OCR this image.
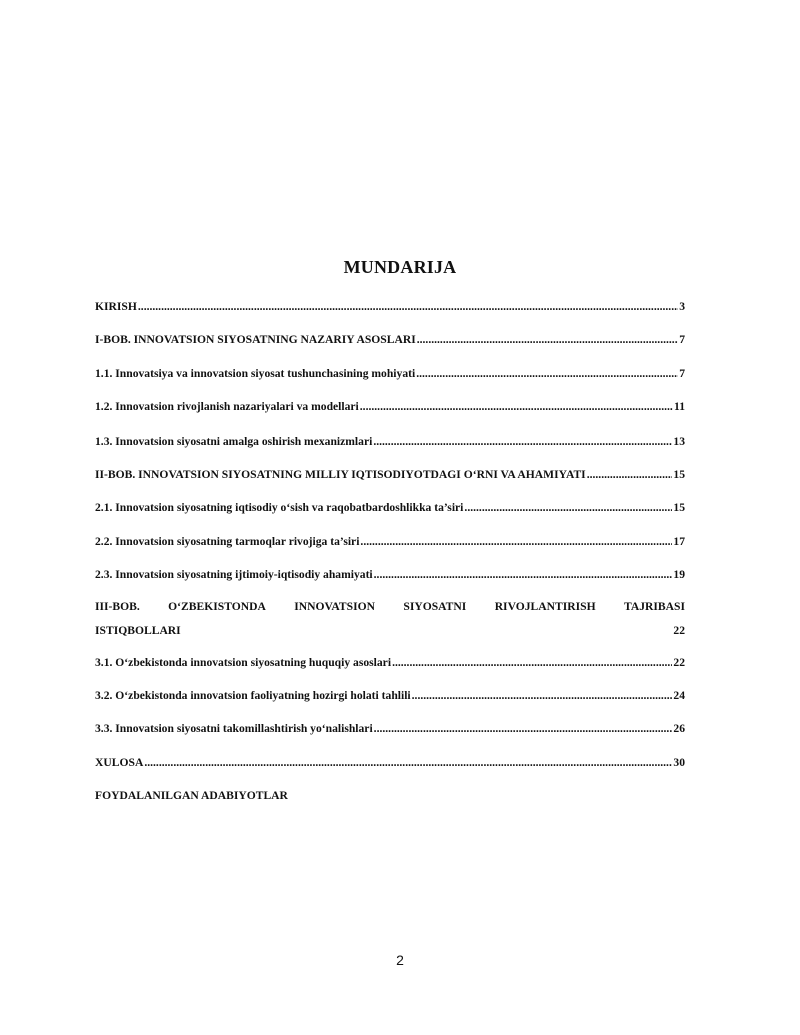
MUNDARIJA
KIRISH .....	3
I-BOB. INNOVATSION SIYOSATNING NAZARIY ASOSLARI .....	7
1.1. Innovatsiya va innovatsion siyosat tushunchasining mohiyati .....	7
1.2. Innovatsion rivojlanish nazariyalari va modellari .....	11
1.3. Innovatsion siyosatni amalga oshirish mexanizmlari .....	13
II-BOB. INNOVATSION SIYOSATNING MILLIY IQTISODIYOTDAGI O‘RNI VA AHAMIYATI .....	15
2.1. Innovatsion siyosatning iqtisodiy o‘sish va raqobatbardoshlikka ta’siri .....	15
2.2. Innovatsion siyosatning tarmoqlar rivojiga ta’siri .....	17
2.3. Innovatsion siyosatning ijtimoiy-iqtisodiy ahamiyati .....	19
III-BOB. O‘ZBEKISTONDA INNOVATSION SIYOSATNI RIVOJLANTIRISH TAJRIBASI
ISTIQBOLLARI	22
3.1. O‘zbekistonda innovatsion siyosatning huquqiy asoslari .....	22
3.2. O‘zbekistonda innovatsion faoliyatning hozirgi holati tahlili .....	24
3.3. Innovatsion siyosatni takomillashtirish yo‘nalishlari .....	26
XULOSA .....	30
FOYDALANILGAN ADABIYOTLAR
2
